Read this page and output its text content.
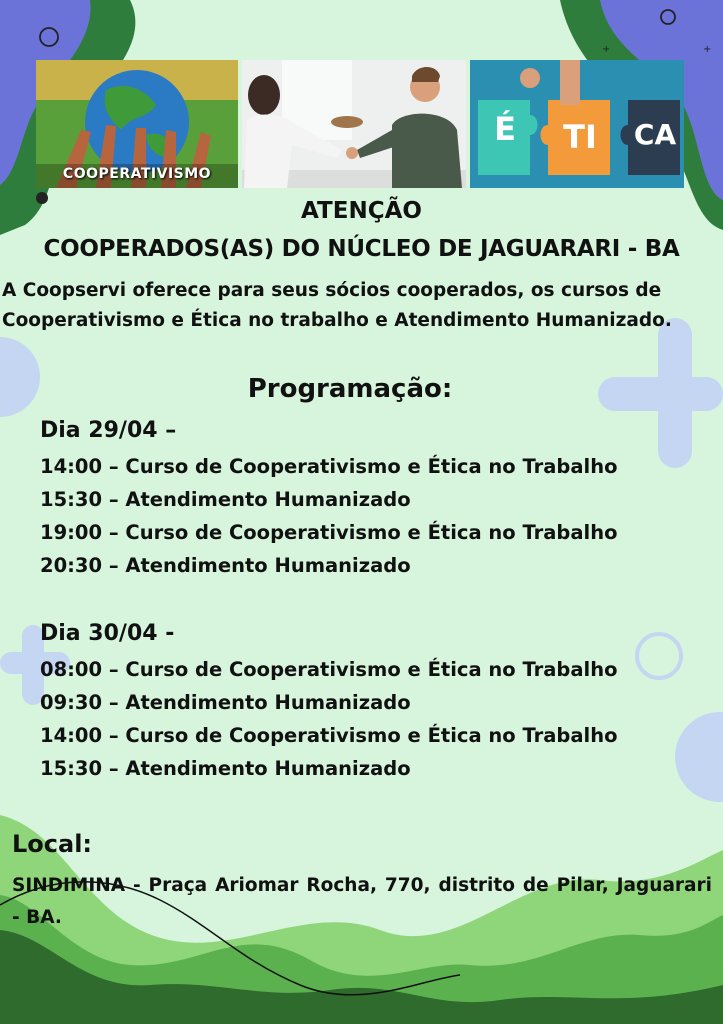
+	+
COOPERATIVISMO
É	TI	CA
ATENÇÃO
COOPERADOS(AS) DO NÚCLEO DE JAGUARARI - BA
A Coopservi oferece para seus sócios cooperados, os cursos de Cooperativismo e Ética no trabalho e Atendimento Humanizado.
Programação:
Dia 29/04 –
14:00 – Curso de Cooperativismo e Ética no Trabalho
15:30 – Atendimento Humanizado
19:00 – Curso de Cooperativismo e Ética no Trabalho
20:30 – Atendimento Humanizado
Dia 30/04 -
08:00 – Curso de Cooperativismo e Ética no Trabalho
09:30 – Atendimento Humanizado
14:00 – Curso de Cooperativismo e Ética no Trabalho
15:30 – Atendimento Humanizado
Local:
SINDIMINA - Praça Ariomar Rocha, 770, distrito de Pilar, Jaguarari - BA.
